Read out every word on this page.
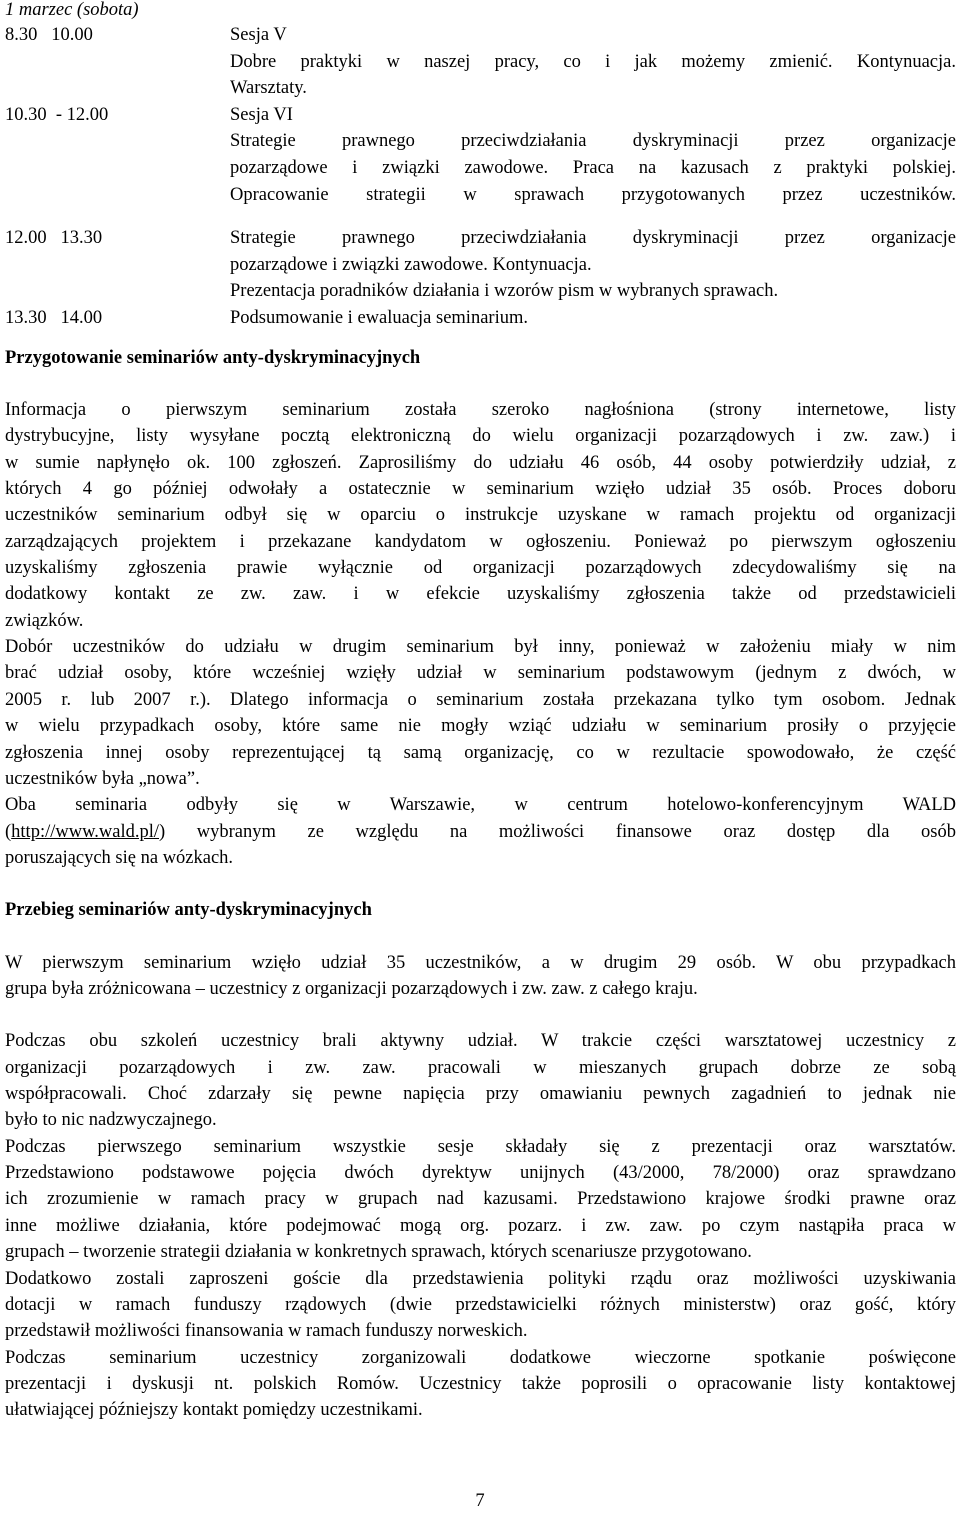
1 marzec (sobota)
8.30   10.00	Sesja V
Dobre praktyki w naszej pracy, co i jak możemy zmienić. Kontynuacja.
Warsztaty.
10.30  - 12.00	Sesja VI
Strategie prawnego przeciwdziałania dyskryminacji przez organizacje
pozarządowe i związki zawodowe. Praca na kazusach z praktyki polskiej.
Opracowanie strategii w sprawach przygotowanych przez uczestników.
12.00   13.30	Strategie prawnego przeciwdziałania dyskryminacji przez organizacje
pozarządowe i związki zawodowe. Kontynuacja.
Prezentacja poradników działania i wzorów pism w wybranych sprawach.
13.30   14.00	Podsumowanie i ewaluacja seminarium.
Przygotowanie seminariów anty-dyskryminacyjnych
Informacja o pierwszym seminarium została szeroko nagłośniona (strony internetowe, listy
dystrybucyjne, listy wysyłane pocztą elektroniczną do wielu organizacji pozarządowych i zw. zaw.) i
w sumie napłynęło ok. 100 zgłoszeń. Zaprosiliśmy do udziału 46 osób, 44 osoby potwierdziły udział, z
których 4 go później odwołały a ostatecznie w seminarium wzięło udział 35 osób. Proces doboru
uczestników seminarium odbył się w oparciu o instrukcje uzyskane w ramach projektu od organizacji
zarządzających projektem i przekazane kandydatom w ogłoszeniu. Ponieważ po pierwszym ogłoszeniu
uzyskaliśmy zgłoszenia prawie wyłącznie od organizacji pozarządowych zdecydowaliśmy się na
dodatkowy kontakt ze zw. zaw. i w efekcie uzyskaliśmy zgłoszenia także od przedstawicieli
związków.
Dobór uczestników do udziału w drugim seminarium był inny, ponieważ w założeniu miały w nim
brać udział osoby, które wcześniej wzięły udział w seminarium podstawowym (jednym z dwóch, w
2005 r. lub 2007 r.). Dlatego informacja o seminarium została przekazana tylko tym osobom. Jednak
w wielu przypadkach osoby, które same nie mogły wziąć udziału w seminarium prosiły o przyjęcie
zgłoszenia innej osoby reprezentującej tą samą organizację, co w rezultacie spowodowało, że część
uczestników była „nowa”.
Oba seminaria odbyły się w Warszawie, w centrum hotelowo-konferencyjnym WALD
(http://www.wald.pl/) wybranym ze względu na możliwości finansowe oraz dostęp dla osób
poruszających się na wózkach.
Przebieg seminariów anty-dyskryminacyjnych
W pierwszym seminarium wzięło udział 35 uczestników, a w drugim 29 osób. W obu przypadkach
grupa była zróżnicowana – uczestnicy z organizacji pozarządowych i zw. zaw. z całego kraju.
Podczas obu szkoleń uczestnicy brali aktywny udział. W trakcie części warsztatowej uczestnicy z
organizacji pozarządowych i zw. zaw. pracowali w mieszanych grupach dobrze ze sobą
współpracowali. Choć zdarzały się pewne napięcia przy omawianiu pewnych zagadnień to jednak nie
było to nic nadzwyczajnego.
Podczas pierwszego seminarium wszystkie sesje składały się z prezentacji oraz warsztatów.
Przedstawiono podstawowe pojęcia dwóch dyrektyw unijnych (43/2000, 78/2000) oraz sprawdzano
ich zrozumienie w ramach pracy w grupach nad kazusami. Przedstawiono krajowe środki prawne oraz
inne możliwe działania, które podejmować mogą org. pozarz. i zw. zaw. po czym nastąpiła praca w
grupach – tworzenie strategii działania w konkretnych sprawach, których scenariusze przygotowano.
Dodatkowo zostali zaproszeni goście dla przedstawienia polityki rządu oraz możliwości uzyskiwania
dotacji w ramach funduszy rządowych (dwie przedstawicielki różnych ministerstw) oraz gość, który
przedstawił możliwości finansowania w ramach funduszy norweskich.
Podczas seminarium uczestnicy zorganizowali dodatkowe wieczorne spotkanie poświęcone
prezentacji i dyskusji nt. polskich Romów. Uczestnicy także poprosili o opracowanie listy kontaktowej
ułatwiającej późniejszy kontakt pomiędzy uczestnikami.
7
